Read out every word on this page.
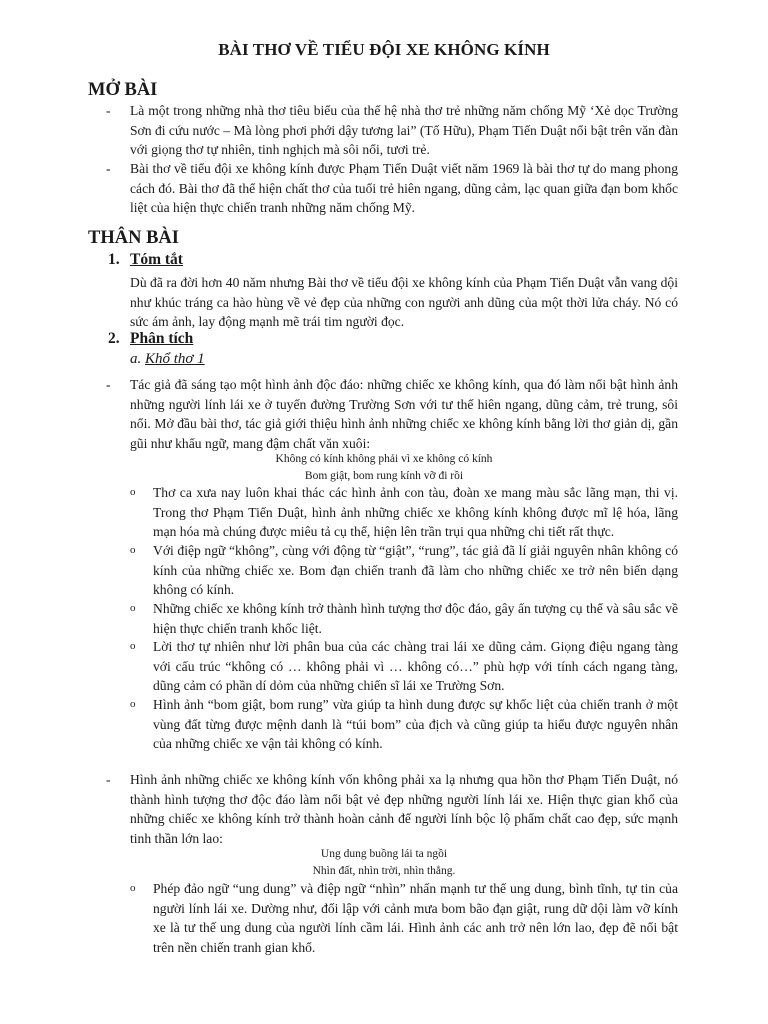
BÀI THƠ VỀ TIỂU ĐỘI XE KHÔNG KÍNH
MỞ BÀI
- Là một trong những nhà thơ tiêu biểu của thế hệ nhà thơ trẻ những năm chống Mỹ ‘Xẻ dọc Trường Sơn đi cứu nước – Mà lòng phơi phới dậy tương lai” (Tố Hữu), Phạm Tiến Duật nổi bật trên văn đàn với giọng thơ tự nhiên, tinh nghịch mà sôi nổi, tươi trẻ.
- Bài thơ về tiểu đội xe không kính được Phạm Tiến Duật viết năm 1969 là bài thơ tự do mang phong cách đó. Bài thơ đã thể hiện chất thơ của tuổi trẻ hiên ngang, dũng cảm, lạc quan giữa đạn bom khốc liệt của hiện thực chiến tranh những năm chống Mỹ.
THÂN BÀI
1. Tóm tắt
Dù đã ra đời hơn 40 năm nhưng Bài thơ về tiểu đội xe không kính của Phạm Tiến Duật vẫn vang dội như khúc tráng ca hào hùng về vẻ đẹp của những con người anh dũng của một thời lửa cháy. Nó có sức ám ảnh, lay động mạnh mẽ trái tim người đọc.
2. Phân tích
a. Khổ thơ 1
- Tác giả đã sáng tạo một hình ảnh độc đáo: những chiếc xe không kính, qua đó làm nổi bật hình ảnh những người lính lái xe ở tuyến đường Trường Sơn với tư thế hiên ngang, dũng cảm, trẻ trung, sôi nổi. Mở đầu bài thơ, tác giả giới thiệu hình ảnh những chiếc xe không kính bằng lời thơ giản dị, gần gũi như khẩu ngữ, mang đậm chất văn xuôi:
Không có kính không phải vì xe không có kính
Bom giật, bom rung kính vỡ đi rồi
o Thơ ca xưa nay luôn khai thác các hình ảnh con tàu, đoàn xe mang màu sắc lãng mạn, thi vị. Trong thơ Phạm Tiến Duật, hình ảnh những chiếc xe không kính không được mĩ lệ hóa, lãng mạn hóa mà chúng được miêu tả cụ thể, hiện lên trần trụi qua những chi tiết rất thực.
o Với điệp ngữ “không”, cùng với động từ “giật”, “rung”, tác giả đã lí giải nguyên nhân không có kính của những chiếc xe. Bom đạn chiến tranh đã làm cho những chiếc xe trở nên biến dạng không có kính.
o Những chiếc xe không kính trở thành hình tượng thơ độc đáo, gây ấn tượng cụ thể và sâu sắc về hiện thực chiến tranh khốc liệt.
o Lời thơ tự nhiên như lời phân bua của các chàng trai lái xe dũng cảm. Giọng điệu ngang tàng với cấu trúc “không có … không phải vì … không có…” phù hợp với tính cách ngang tàng, dũng cảm có phần dí dỏm của những chiến sĩ lái xe Trường Sơn.
o Hình ảnh “bom giật, bom rung” vừa giúp ta hình dung được sự khốc liệt của chiến tranh ở một vùng đất từng được mệnh danh là “túi bom” của địch và cũng giúp ta hiểu được nguyên nhân của những chiếc xe vận tải không có kính.
- Hình ảnh những chiếc xe không kính vốn không phải xa lạ nhưng qua hồn thơ Phạm Tiến Duật, nó thành hình tượng thơ độc đáo làm nổi bật vẻ đẹp những người lính lái xe. Hiện thực gian khổ của những chiếc xe không kính trở thành hoàn cảnh để người lính bộc lộ phẩm chất cao đẹp, sức mạnh tinh thần lớn lao:
Ung dung buồng lái ta ngồi
Nhìn đất, nhìn trời, nhìn thẳng.
o Phép đảo ngữ “ung dung” và điệp ngữ “nhìn” nhấn mạnh tư thế ung dung, bình tĩnh, tự tin của người lính lái xe. Dường như, đối lập với cảnh mưa bom bão đạn giật, rung dữ dội làm vỡ kính xe là tư thế ung dung của người lính cầm lái. Hình ảnh các anh trở nên lớn lao, đẹp đẽ nổi bật trên nền chiến tranh gian khổ.
